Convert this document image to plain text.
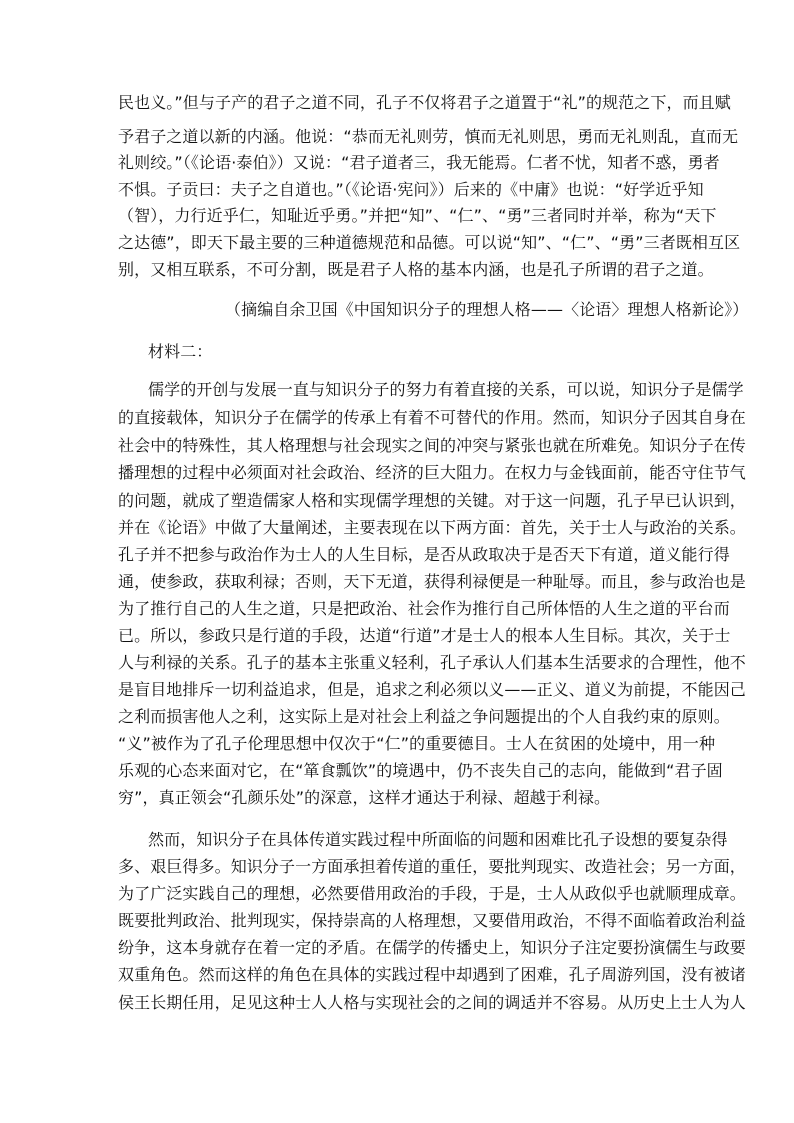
民也义。”但与子产的君子之道不同，孔子不仅将君子之道置于“礼”的规范之下，而且赋
予君子之道以新的内涵。他说：“恭而无礼则劳，慎而无礼则思，勇而无礼则乱，直而无
礼则绞。”（《论语·泰伯》）又说：“君子道者三，我无能焉。仁者不忧，知者不惑，勇者
不惧。子贡曰：夫子之自道也。”（《论语·宪问》）后来的《中庸》也说：“好学近乎知
（智），力行近乎仁，知耻近乎勇。”并把“知”、“仁”、“勇”三者同时并举，称为“天下
之达德”，即天下最主要的三种道德规范和品德。可以说“知”、“仁”、“勇”三者既相互区
别，又相互联系，不可分割，既是君子人格的基本内涵，也是孔子所谓的君子之道。
（摘编自余卫国《中国知识分子的理想人格——〈论语〉理想人格新论》）
材料二：
儒学的开创与发展一直与知识分子的努力有着直接的关系，可以说，知识分子是儒学
的直接载体，知识分子在儒学的传承上有着不可替代的作用。然而，知识分子因其自身在
社会中的特殊性，其人格理想与社会现实之间的冲突与紧张也就在所难免。知识分子在传
播理想的过程中必须面对社会政治、经济的巨大阻力。在权力与金钱面前，能否守住节气
的问题，就成了塑造儒家人格和实现儒学理想的关键。对于这一问题，孔子早已认识到，
并在《论语》中做了大量阐述，主要表现在以下两方面：首先，关于士人与政治的关系。
孔子并不把参与政治作为士人的人生目标，是否从政取决于是否天下有道，道义能行得
通，使参政，获取利禄；否则，天下无道，获得利禄便是一种耻辱。而且，参与政治也是
为了推行自己的人生之道，只是把政治、社会作为推行自己所体悟的人生之道的平台而
已。所以，参政只是行道的手段，达道“行道”才是士人的根本人生目标。其次，关于士
人与利禄的关系。孔子的基本主张重义轻利，孔子承认人们基本生活要求的合理性，他不
是盲目地排斥一切利益追求，但是，追求之利必须以义——正义、道义为前提，不能因己
之利而损害他人之利，这实际上是对社会上利益之争问题提出的个人自我约束的原则。
“义”被作为了孔子伦理思想中仅次于“仁”的重要德目。士人在贫困的处境中，用一种
乐观的心态来面对它，在“箪食瓢饮”的境遇中，仍不丧失自己的志向，能做到“君子固
穷”，真正领会“孔颜乐处”的深意，这样才通达于利禄、超越于利禄。
然而，知识分子在具体传道实践过程中所面临的问题和困难比孔子设想的要复杂得
多、艰巨得多。知识分子一方面承担着传道的重任，要批判现实、改造社会；另一方面，
为了广泛实践自己的理想，必然要借用政治的手段，于是，士人从政似乎也就顺理成章。
既要批判政治、批判现实，保持崇高的人格理想，又要借用政治，不得不面临着政治利益
纷争，这本身就存在着一定的矛盾。在儒学的传播史上，知识分子注定要扮演儒生与政要
双重角色。然而这样的角色在具体的实践过程中却遇到了困难，孔子周游列国，没有被诸
侯王长期任用，足见这种士人人格与实现社会的之间的调适并不容易。从历史上士人为人
